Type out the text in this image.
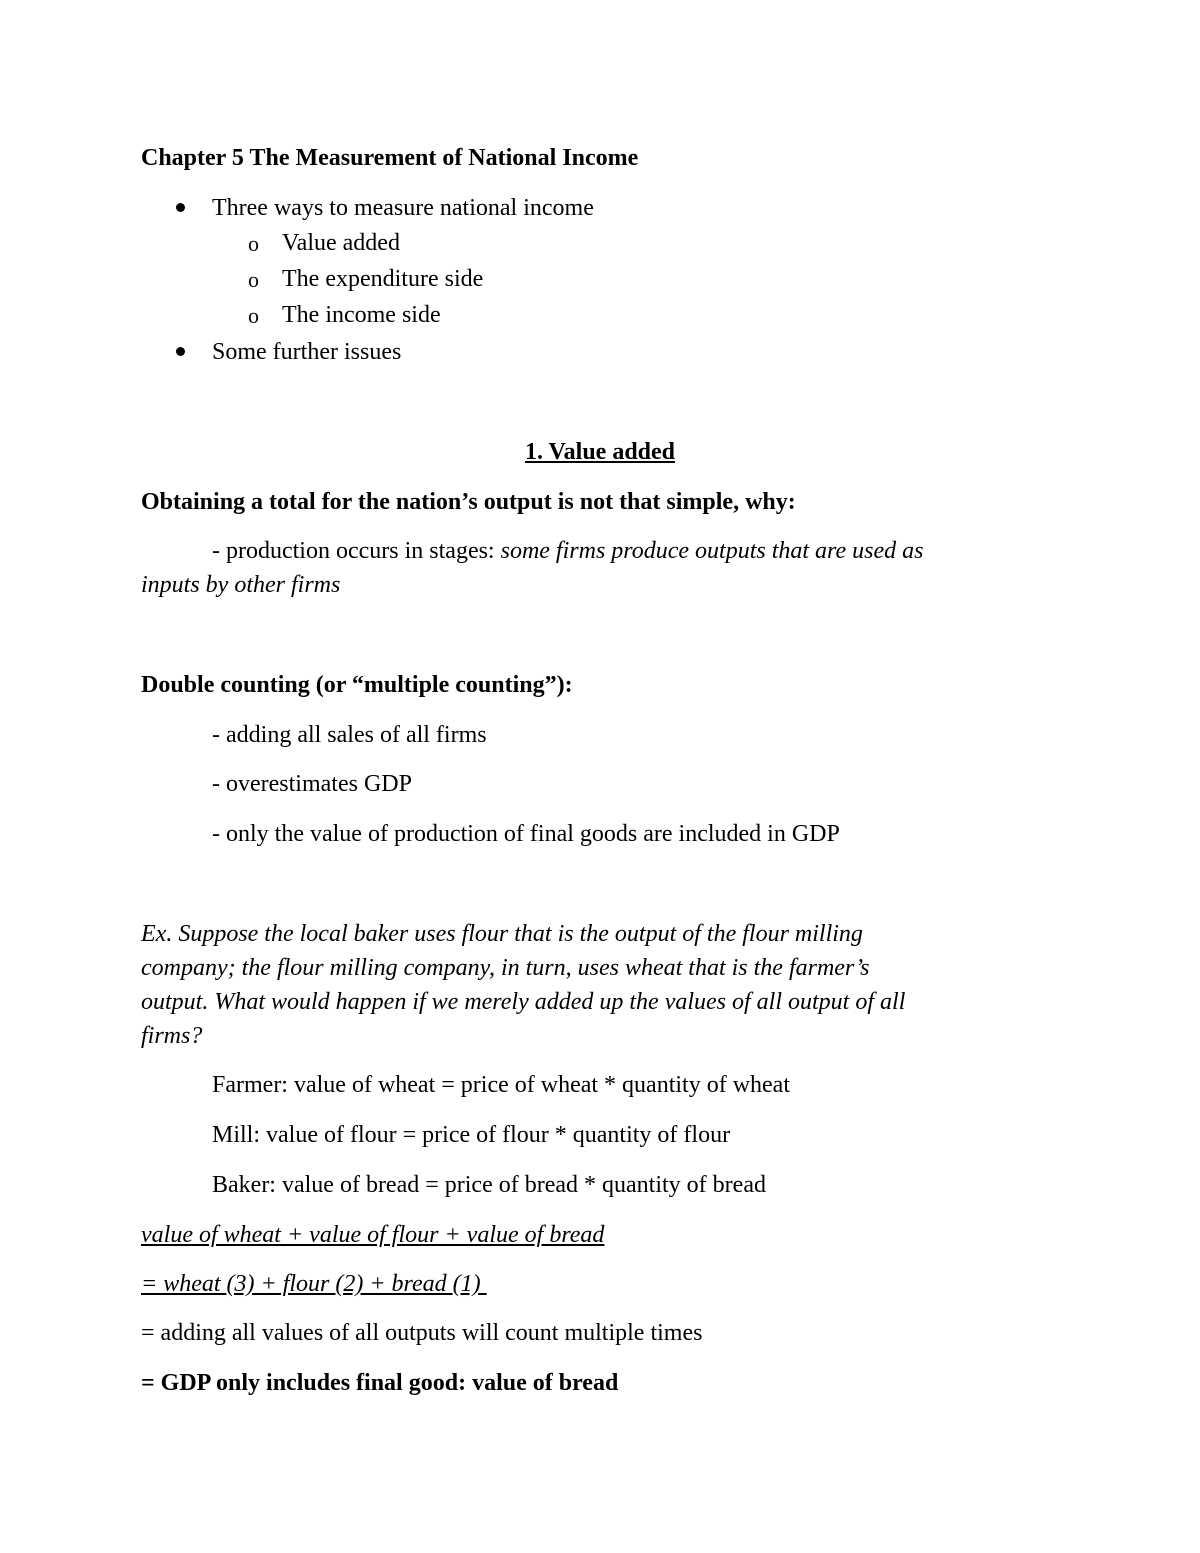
Chapter 5 The Measurement of National Income
Three ways to measure national income
o Value added
o The expenditure side
o The income side
Some further issues
1. Value added
Obtaining a total for the nation’s output is not that simple, why:
- production occurs in stages: some firms produce outputs that are used as
inputs by other firms
Double counting (or “multiple counting”):
- adding all sales of all firms
- overestimates GDP
- only the value of production of final goods are included in GDP
Ex. Suppose the local baker uses flour that is the output of the flour milling
company; the flour milling company, in turn, uses wheat that is the farmer’s
output. What would happen if we merely added up the values of all output of all
firms?
Farmer: value of wheat = price of wheat * quantity of wheat
Mill: value of flour = price of flour * quantity of flour
Baker: value of bread = price of bread * quantity of bread
value of wheat + value of flour + value of bread
= wheat (3) + flour (2) + bread (1)
= adding all values of all outputs will count multiple times
= GDP only includes final good: value of bread
